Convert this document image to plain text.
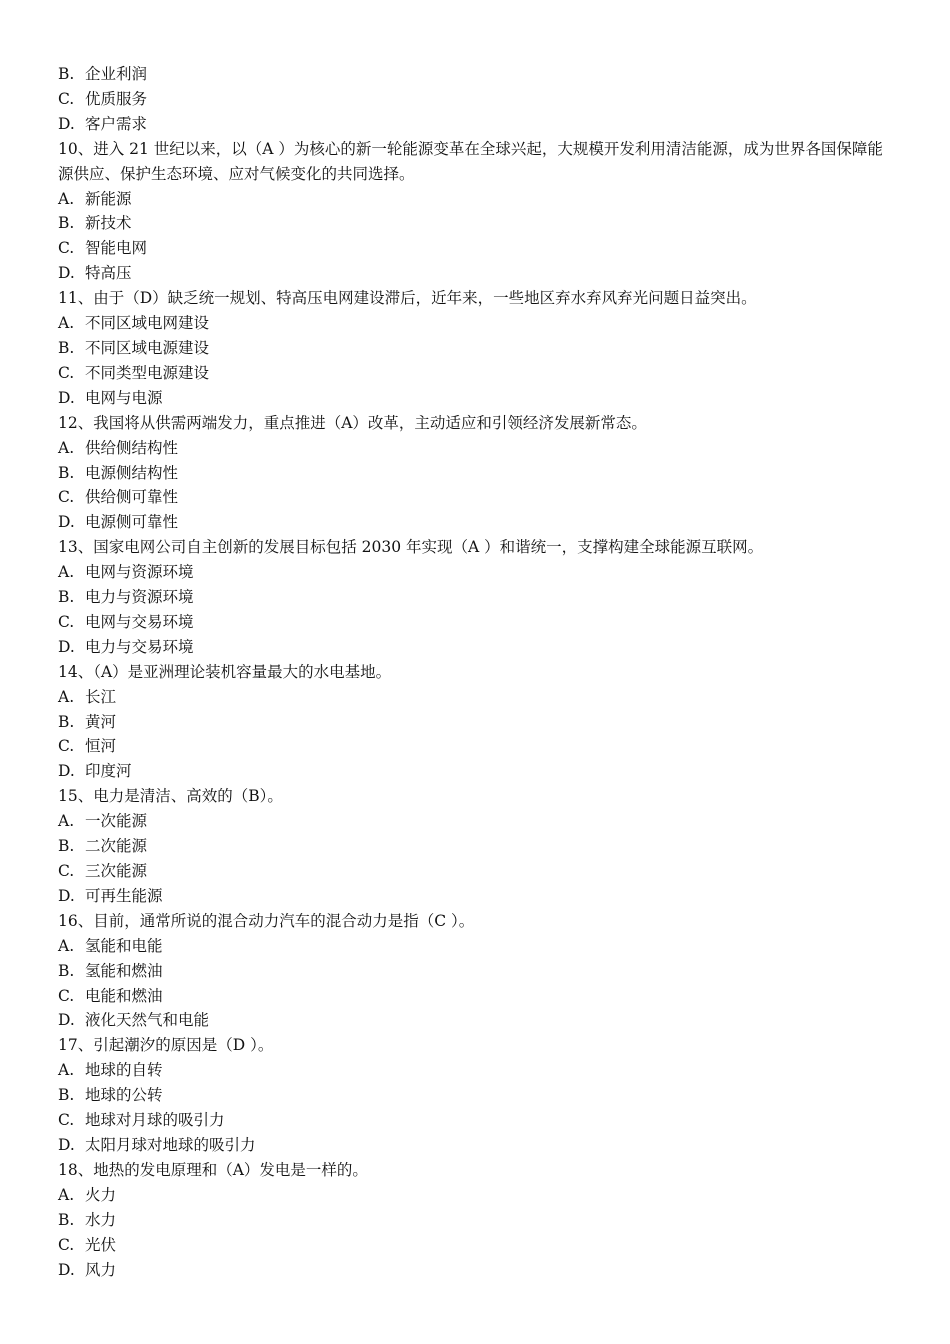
B. 企业利润
C. 优质服务
D. 客户需求
10、进入 21 世纪以来，以（A ）为核心的新一轮能源变革在全球兴起，大规模开发利用清洁能源，成为世界各国保障能源供应、保护生态环境、应对气候变化的共同选择。
A. 新能源
B. 新技术
C. 智能电网
D. 特高压
11、由于（D）缺乏统一规划、特高压电网建设滞后，近年来，一些地区弃水弃风弃光问题日益突出。
A. 不同区域电网建设
B. 不同区域电源建设
C. 不同类型电源建设
D. 电网与电源
12、我国将从供需两端发力，重点推进（A）改革，主动适应和引领经济发展新常态。
A. 供给侧结构性
B. 电源侧结构性
C. 供给侧可靠性
D. 电源侧可靠性
13、国家电网公司自主创新的发展目标包括 2030 年实现（A ）和谐统一，支撑构建全球能源互联网。
A. 电网与资源环境
B. 电力与资源环境
C. 电网与交易环境
D. 电力与交易环境
14、（A）是亚洲理论装机容量最大的水电基地。
A. 长江
B. 黄河
C. 恒河
D. 印度河
15、电力是清洁、高效的（B）。
A. 一次能源
B. 二次能源
C. 三次能源
D. 可再生能源
16、目前，通常所说的混合动力汽车的混合动力是指（C ）。
A. 氢能和电能
B. 氢能和燃油
C. 电能和燃油
D. 液化天然气和电能
17、引起潮汐的原因是（D ）。
A. 地球的自转
B. 地球的公转
C. 地球对月球的吸引力
D. 太阳月球对地球的吸引力
18、地热的发电原理和（A）发电是一样的。
A. 火力
B. 水力
C. 光伏
D. 风力
